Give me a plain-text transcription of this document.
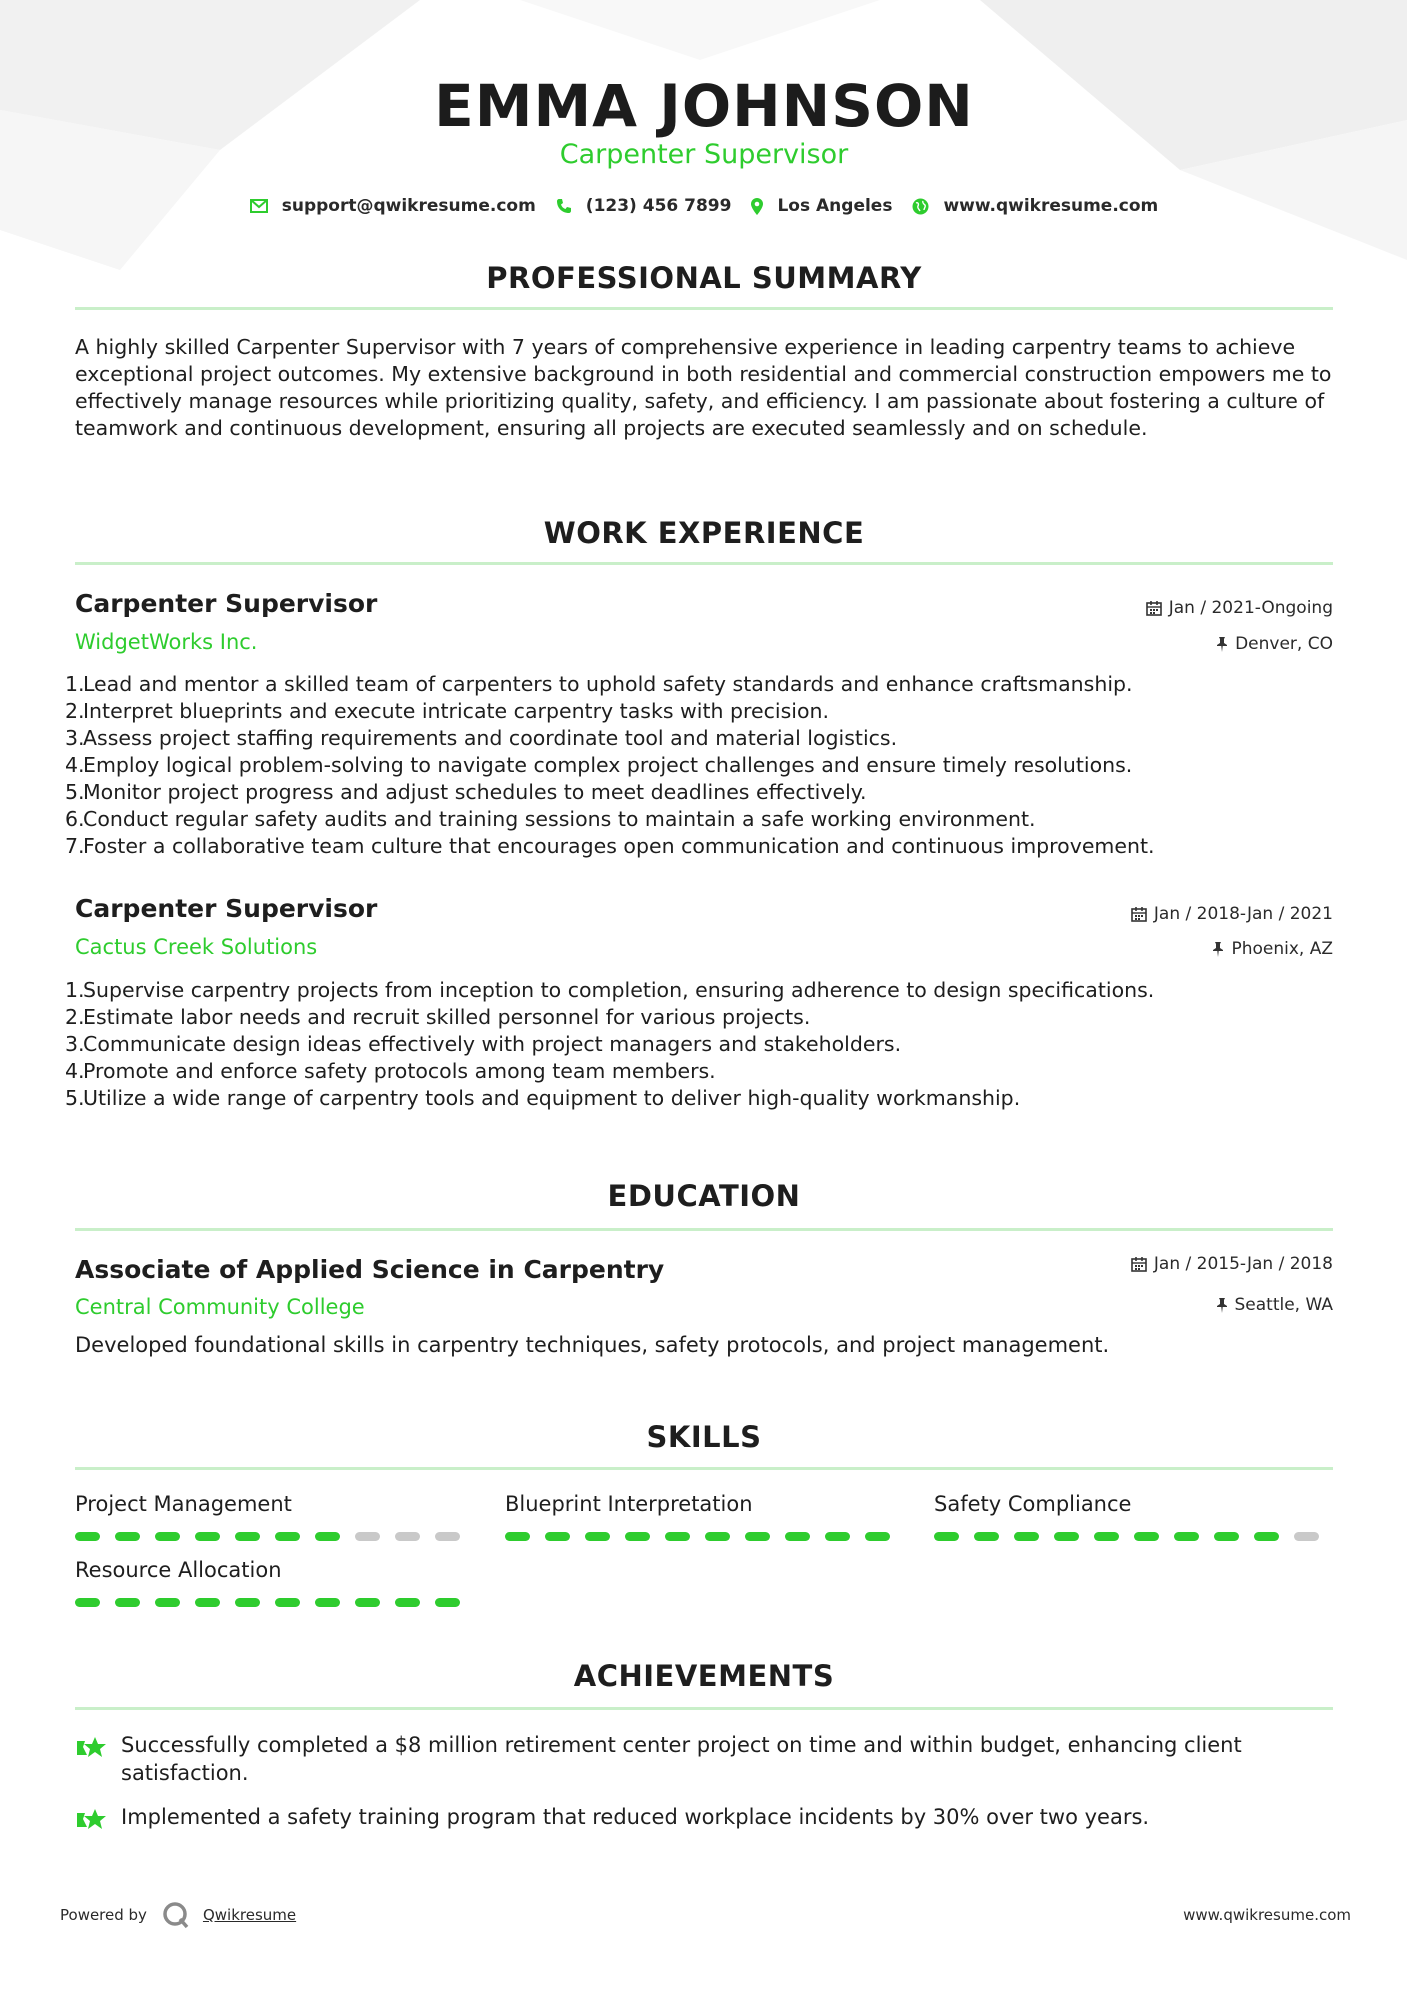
EMMA JOHNSON
Carpenter Supervisor
support@qwikresume.com	(123) 456 7899	Los Angeles	www.qwikresume.com
PROFESSIONAL SUMMARY
A highly skilled Carpenter Supervisor with 7 years of comprehensive experience in leading carpentry teams to achieve exceptional project outcomes. My extensive background in both residential and commercial construction empowers me to effectively manage resources while prioritizing quality, safety, and efficiency. I am passionate about fostering a culture of teamwork and continuous development, ensuring all projects are executed seamlessly and on schedule.
WORK EXPERIENCE
Carpenter Supervisor	Jan / 2021-Ongoing
WidgetWorks Inc.	Denver, CO
1.
Lead and mentor a skilled team of carpenters to uphold safety standards and enhance craftsmanship.
2.
Interpret blueprints and execute intricate carpentry tasks with precision.
3.
Assess project staffing requirements and coordinate tool and material logistics.
4.
Employ logical problem-solving to navigate complex project challenges and ensure timely resolutions.
5.
Monitor project progress and adjust schedules to meet deadlines effectively.
6.
Conduct regular safety audits and training sessions to maintain a safe working environment.
7.
Foster a collaborative team culture that encourages open communication and continuous improvement.
Carpenter Supervisor	Jan / 2018-Jan / 2021
Cactus Creek Solutions	Phoenix, AZ
1.
Supervise carpentry projects from inception to completion, ensuring adherence to design specifications.
2.
Estimate labor needs and recruit skilled personnel for various projects.
3.
Communicate design ideas effectively with project managers and stakeholders.
4.
Promote and enforce safety protocols among team members.
5.
Utilize a wide range of carpentry tools and equipment to deliver high-quality workmanship.
EDUCATION
Associate of Applied Science in Carpentry	Jan / 2015-Jan / 2018
Central Community College	Seattle, WA
Developed foundational skills in carpentry techniques, safety protocols, and project management.
SKILLS
Project Management	Blueprint Interpretation	Safety Compliance
Resource Allocation
ACHIEVEMENTS
Successfully completed a $8 million retirement center project on time and within budget, enhancing client satisfaction.
Implemented a safety training program that reduced workplace incidents by 30% over two years.
Powered by	Qwikresume	www.qwikresume.com
